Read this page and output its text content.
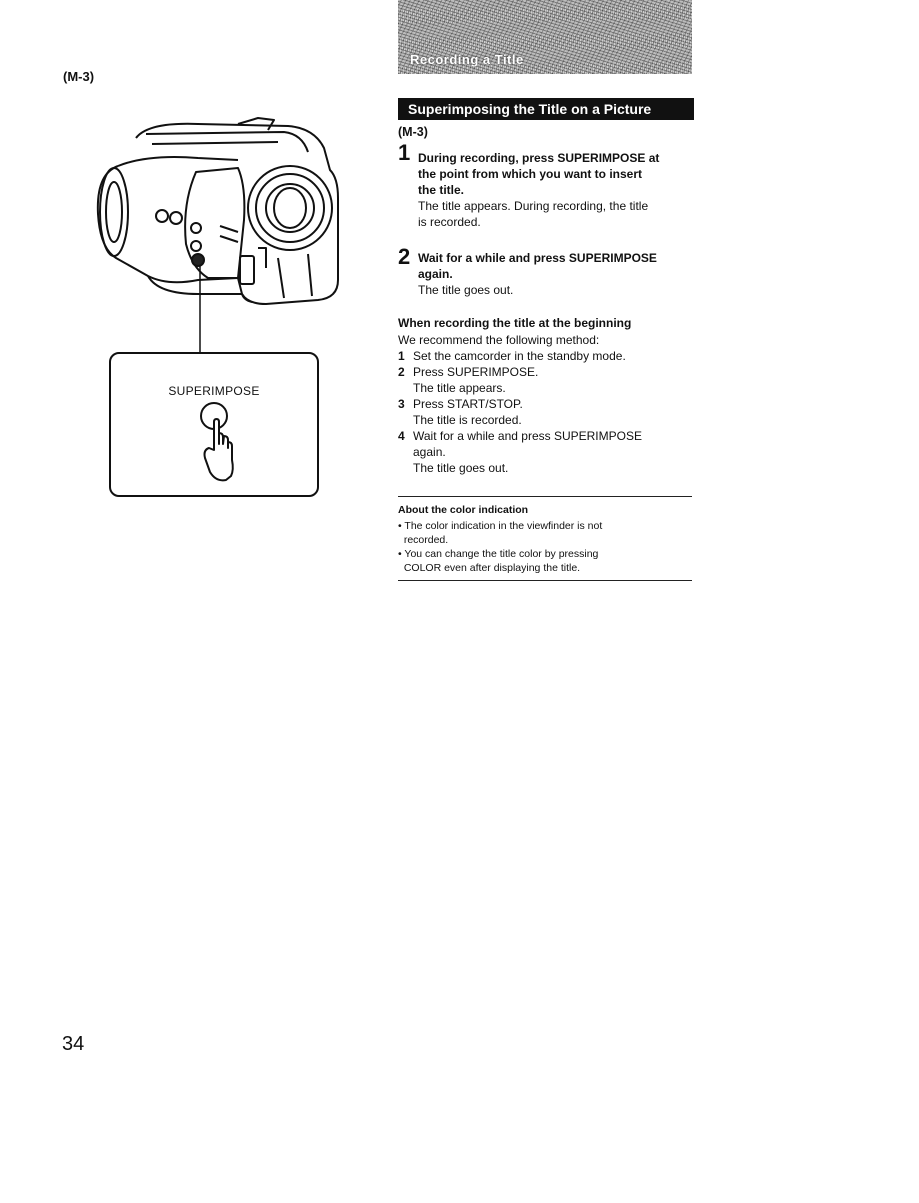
(M-3)
SUPERIMPOSE
Recording a Title
Superimposing the Title on a Picture
(M-3)
1 During recording, press SUPERIMPOSE at
the point from which you want to insert
the title.
The title appears. During recording, the title
is recorded.
2 Wait for a while and press SUPERIMPOSE
again.
The title goes out.
When recording the title at the beginning
We recommend the following method:
1 Set the camcorder in the standby mode.
2 Press SUPERIMPOSE.
The title appears.
3 Press START/STOP.
The title is recorded.
4 Wait for a while and press SUPERIMPOSE
again.
The title goes out.
About the color indication
• The color indication in the viewfinder is not
recorded.
• You can change the title color by pressing
COLOR even after displaying the title.
34
